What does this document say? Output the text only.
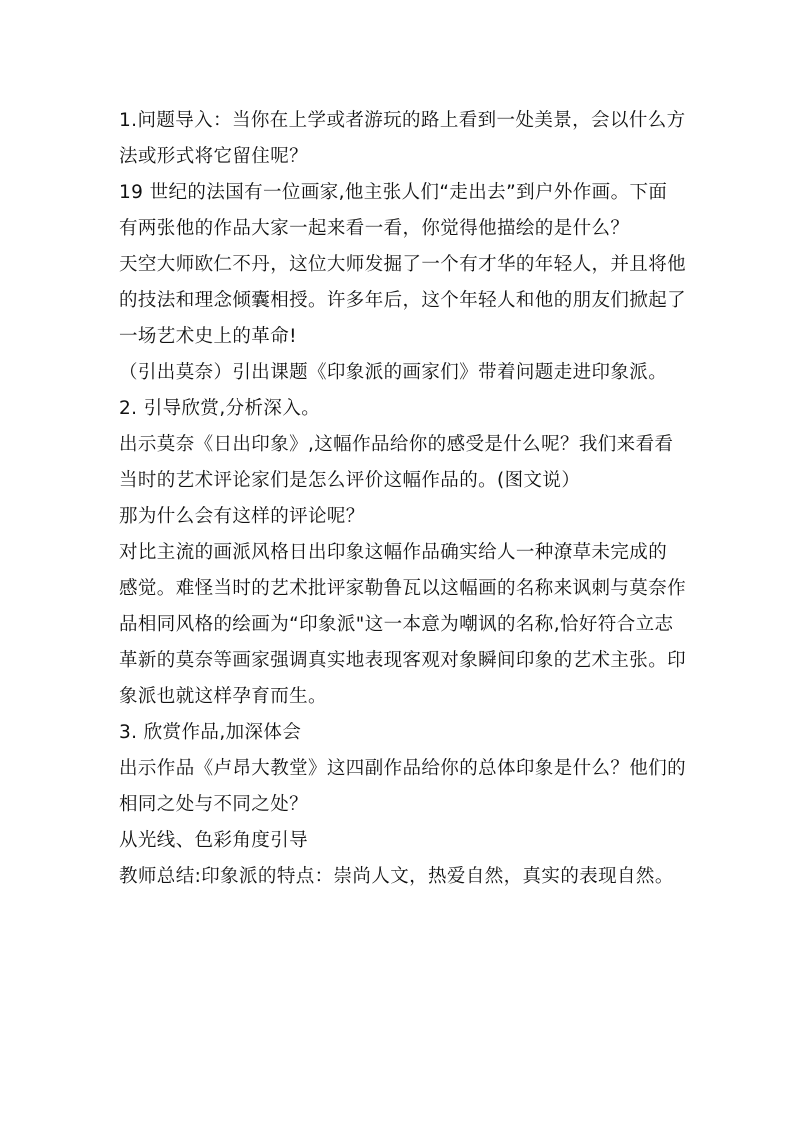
1.问题导入：当你在上学或者游玩的路上看到一处美景，会以什么方
法或形式将它留住呢？
19 世纪的法国有一位画家,他主张人们“走出去”到户外作画。下面
有两张他的作品大家一起来看一看，你觉得他描绘的是什么？
天空大师欧仁不丹，这位大师发掘了一个有才华的年轻人，并且将他
的技法和理念倾囊相授。许多年后，这个年轻人和他的朋友们掀起了
一场艺术史上的革命!
（引出莫奈）引出课题《印象派的画家们》带着问题走进印象派。
2. 引导欣赏,分析深入。
出示莫奈《日出印象》,这幅作品给你的感受是什么呢？我们来看看
当时的艺术评论家们是怎么评价这幅作品的。(图文说）
那为什么会有这样的评论呢？
对比主流的画派风格日出印象这幅作品确实给人一种潦草未完成的
感觉。难怪当时的艺术批评家勒鲁瓦以这幅画的名称来讽刺与莫奈作
品相同风格的绘画为“印象派"这一本意为嘲讽的名称,恰好符合立志
革新的莫奈等画家强调真实地表现客观对象瞬间印象的艺术主张。印
象派也就这样孕育而生。
3. 欣赏作品,加深体会
出示作品《卢昂大教堂》这四副作品给你的总体印象是什么？他们的
相同之处与不同之处？
从光线、色彩角度引导
教师总结:印象派的特点：崇尚人文，热爱自然，真实的表现自然。
